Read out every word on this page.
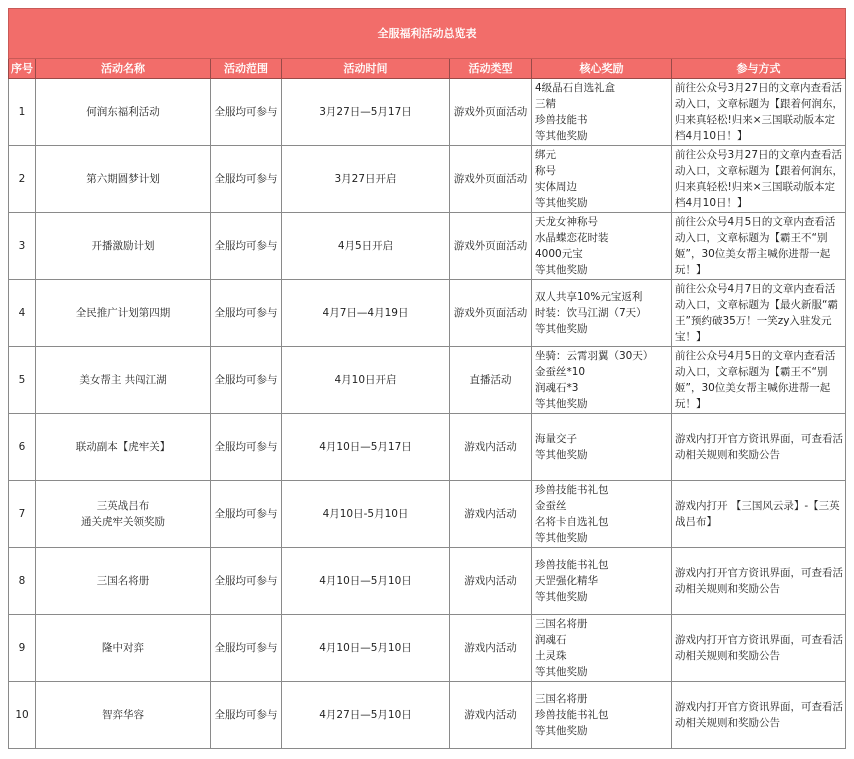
全服福利活动总览表						
序号	活动名称	活动范围	活动时间	活动类型	核心奖励	参与方式
1	何润东福利活动	全服均可参与	3月27日—5月17日	游戏外页面活动	4级晶石自选礼盒
三精
珍兽技能书
等其他奖励	前往公众号3月27日的文章内查看活动入口，文章标题为【跟着何润东，归来真轻松!归来×三国联动版本定档4月10日！】
2	第六期圆梦计划	全服均可参与	3月27日开启	游戏外页面活动	绑元
称号
实体周边
等其他奖励	前往公众号3月27日的文章内查看活动入口，文章标题为【跟着何润东，归来真轻松!归来×三国联动版本定档4月10日！】
3	开播激励计划	全服均可参与	4月5日开启	游戏外页面活动	天龙女神称号
水晶蝶恋花时装
4000元宝
等其他奖励	前往公众号4月5日的文章内查看活动入口，文章标题为【霸王不“别姬”，30位美女帮主喊你进帮一起玩！】
4	全民推广计划第四期	全服均可参与	4月7日—4月19日	游戏外页面活动	双人共享10%元宝返利
时装：饮马江湖（7天）
等其他奖励	前往公众号4月7日的文章内查看活动入口，文章标题为【最火新服“霸王”预约破35万！一笑zy入驻发元宝！】
5	美女帮主 共闯江湖	全服均可参与	4月10日开启	直播活动	坐骑：云霄羽翼（30天）
金蚕丝*10
润魂石*3
等其他奖励	前往公众号4月5日的文章内查看活动入口，文章标题为【霸王不“别姬”，30位美女帮主喊你进帮一起玩！】
6	联动副本【虎牢关】	全服均可参与	4月10日—5月17日	游戏内活动	海量交子
等其他奖励	游戏内打开官方资讯界面，可查看活动相关规则和奖励公告
7	三英战吕布
通关虎牢关领奖励	全服均可参与	4月10日-5月10日	游戏内活动	珍兽技能书礼包
金蚕丝
名将卡自选礼包
等其他奖励	游戏内打开 【三国风云录】-【三英战吕布】
8	三国名将册	全服均可参与	4月10日—5月10日	游戏内活动	珍兽技能书礼包
天罡强化精华
等其他奖励	游戏内打开官方资讯界面，可查看活动相关规则和奖励公告
9	隆中对弈	全服均可参与	4月10日—5月10日	游戏内活动	三国名将册
润魂石
土灵珠
等其他奖励	游戏内打开官方资讯界面，可查看活动相关规则和奖励公告
10	智弈华容	全服均可参与	4月27日—5月10日	游戏内活动	三国名将册
珍兽技能书礼包
等其他奖励	游戏内打开官方资讯界面，可查看活动相关规则和奖励公告
